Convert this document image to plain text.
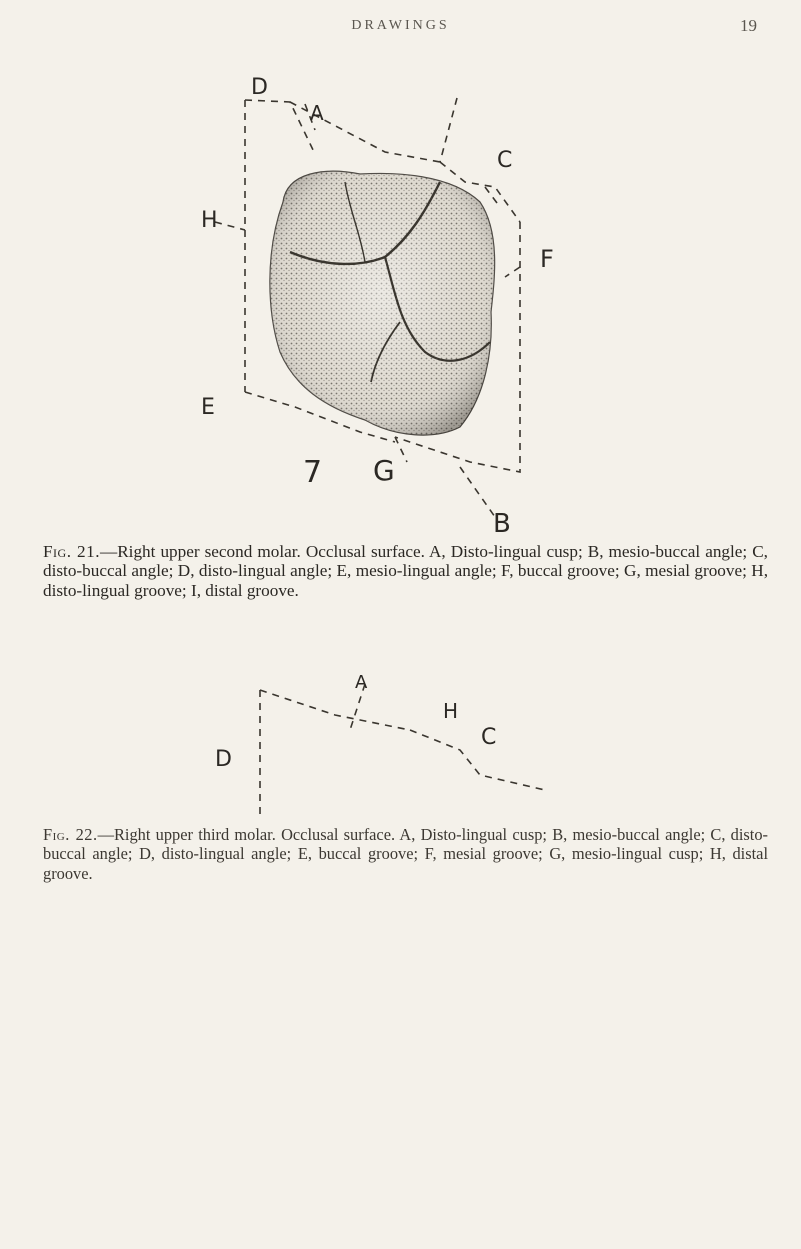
DRAWINGS	19
D
A
H
C
F
E
7 G
B
Fig. 21.—Right upper second molar. Occlusal surface. A, Disto-lingual cusp; B, mesio-buccal angle; C, disto-buccal angle; D, disto-lingual angle; E, mesio-lingual angle; F, buccal groove; G, mesial groove; H, disto-lingual groove; I, distal groove.
A
D
H
C
Fig. 22.—Right upper third molar. Occlusal surface. A, Disto-lingual cusp; B, mesio-buccal angle; C, disto-buccal angle; D, disto-lingual angle; E, buccal groove; F, mesial groove; G, mesio-lingual cusp; H, distal groove.
